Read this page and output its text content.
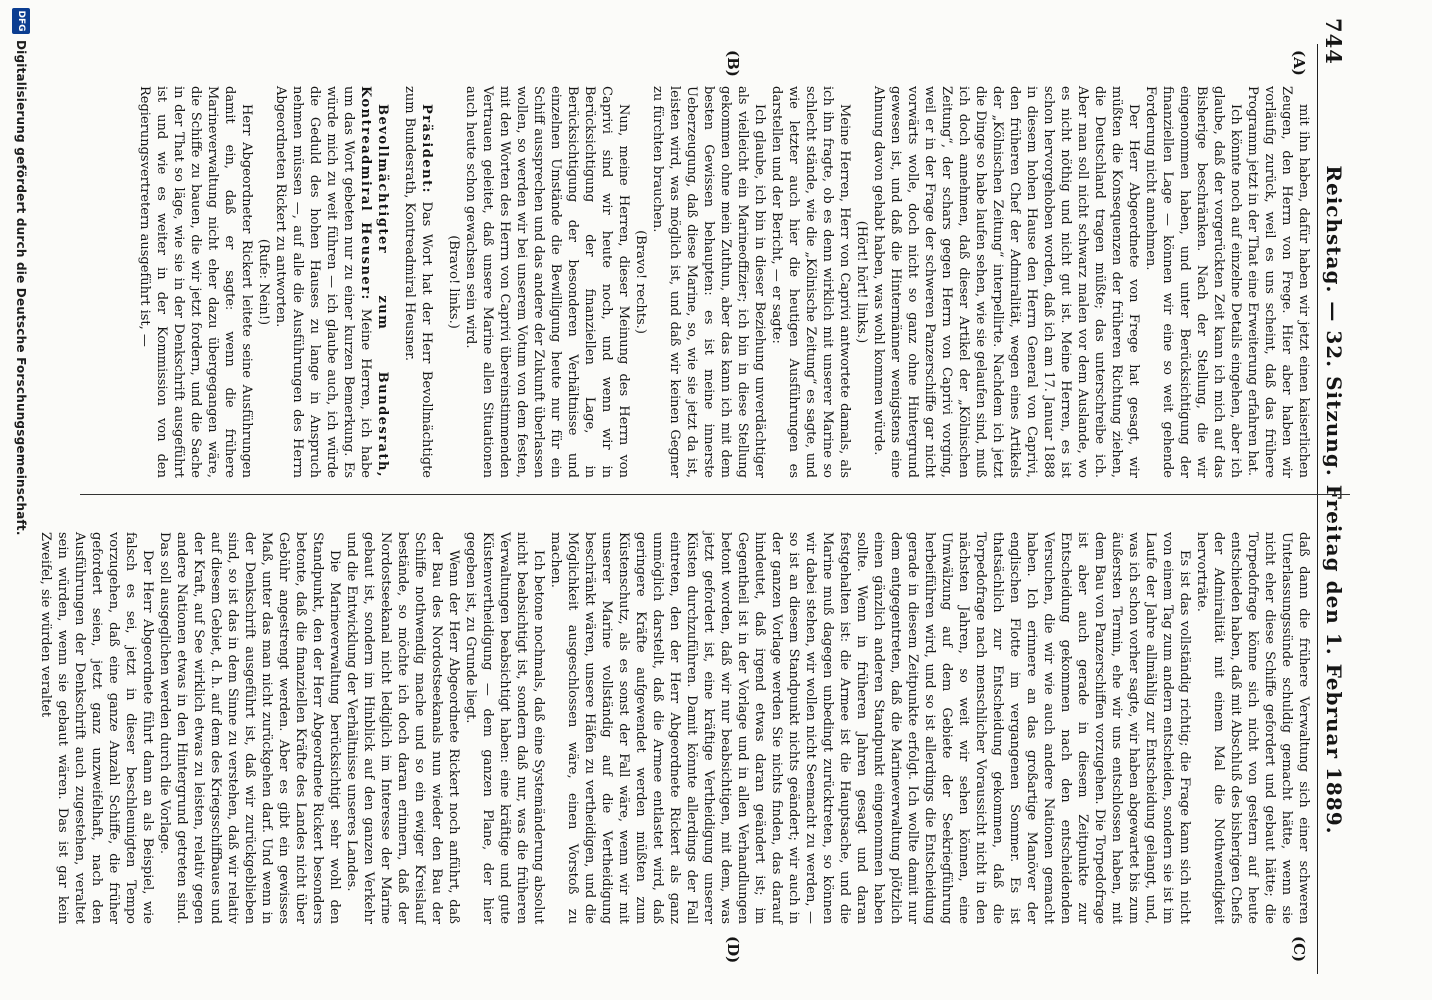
744
Reichstag. — 32. Sitzung. Freitag den 1. Februar 1889.
(A)
(B)
(C)
(D)

mit ihn haben, dafür haben wir jetzt einen kaiserlichen Zeugen, den Herrn von Frege. Hier aber haben wir vorläufig zurück, weil es uns scheint, daß das frühere Programm jetzt in der That eine Erweiterung erfahren hat.

Ich könnte noch auf einzelne Details eingehen, aber ich glaube, daß der vorgerückten Zeit kann ich mich auf das Bisherige beschränken. Nach der Stellung, die wir eingenommen haben, und unter Berücksichtigung der finanziellen Lage — können wir eine so weit gehende Forderung nicht annehmen.

Der Herr Abgeordnete von Frege hat gesagt, wir müßten die Konsequenzen der früheren Richtung ziehen, die Deutschland tragen müßte; das unterschreibe ich. Aber man soll nicht schwarz malen vor dem Auslande, wo es nicht nöthig und nicht gut ist. Meine Herren, es ist schon hervorgehoben worden, daß ich am 17. Januar 1888 in diesem hohen Hause den Herrn General von Caprivi, den früheren Chef der Admiralität, wegen eines Artikels der „Kölnischen Zeitung“ interpellirte. Nachdem ich jetzt die Dinge so habe laufen sehen, wie sie gelaufen sind, muß ich doch annehmen, daß dieser Artikel der „Kölnischen Zeitung“, der schars gegen Herrn von Caprivi vorging, weil er in der Frage der schweren Panzerschiffe gar nicht vorwärts wolle, doch nicht so ganz ohne Hintergrund gewesen ist, und daß die Hintermänner wenigstens eine Ahnung davon gehabt haben, was wohl kommen würde.

(Hört! hört! links.)

Meine Herren, Herr von Caprivi antwortete damals, als ich ihn fragte, ob es denn wirklich mit unserer Marine so schlecht stände, wie die „Kölnische Zeitung“ es sagte, und wie letzter auch hier die heutigen Ausführungen es darstellen und der Bericht, — er sagte:

Ich glaube, ich bin in dieser Beziehung unverdächtiger als vielleicht ein Marineoffizier; ich bin in diese Stellung gekommen ohne mein Zuthun, aber das kann ich mit dem besten Gewissen behaupten: es ist meine innerste Ueberzeugung, daß diese Marine, so, wie sie jetzt da ist, leisten wird, was möglich ist, und daß wir keinen Gegner zu fürchten brauchen.

(Bravo! rechts.)

Nun, meine Herren, dieser Meinung des Herrn von Caprivi sind wir heute noch, und wenn wir in Berücksichtigung der finanziellen Lage, in Berücksichtigung der besonderen Verhältnisse und einzelnen Umstände die Bewilligung heute nur für ein Schiff aussprechen und das andere der Zukunft überlassen wollen, so werden wir bei unserem Votum von dem festen, mit den Worten des Herrn von Caprivi übereinstimmenden Vertrauen geleitet, daß unsere Marine allen Situationen auch heute schon gewachsen sein wird.

(Bravo! links.)

Präsident: Das Wort hat der Herr Bevollmächtigte zum Bundesrath, Kontreadmiral Heusner.

Bevollmächtigter zum Bundesrath, Kontreadmiral Heusner: Meine Herren, ich habe um das Wort gebeten nur zu einer kurzen Bemerkung. Es würde mich zu weit führen — ich glaube auch, ich würde die Geduld des hohen Hauses zu lange in Anspruch nehmen müssen —, auf alle die Ausführungen des Herrn Abgeordneten Rickert zu antworten.

(Rufe: Nein!)

Herr Abgeordneter Rickert leitete seine Ausführungen damit ein, daß er sagte: wenn die frühere Marineverwaltung nicht eher dazu übergegangen wäre, die Schiffe zu bauen, die wir jetzt fordern, und die Sache in der That so läge, wie sie in der Denkschrift ausgeführt ist und wie es weiter in der Kommission von den Regierungsvertretern ausgeführt ist, —

daß dann die frühere Verwaltung sich einer schweren Unterlassungssünde schuldig gemacht hätte, wenn sie nicht eher diese Schiffe gefordert und gebaut hätte; die Torpedofrage könne sich nicht von gestern auf heute entschieden haben, daß mit Abschluß des bisherigen Chefs der Admiralität mit einem Mal die Nothwendigkeit hervorträte.

Es ist das vollständig richtig; die Frage kann sich nicht von einem Tag zum andern entscheiden, sondern sie ist im Laufe der Jahre allmählig zur Entscheidung gelangt, und, was ich schon vorher sagte, wir haben abgewartet bis zum äußersten Termin, ehe wir uns entschlossen haben, mit dem Bau von Panzerschiffen vorzugehen. Die Torpedofrage ist aber auch gerade in diesem Zeitpunkte zur Entscheidung gekommen nach den entscheidenden Versuchen, die wir wie auch andere Nationen gemacht haben. Ich erinnere an das großartige Manöver der englischen Flotte im vergangenen Sommer. Es ist thatsächlich zur Entscheidung gekommen, daß die Torpedofrage nach menschlicher Voraussicht nicht in den nächsten Jahren, so weit wir sehen können, eine Umwälzung auf dem Gebiete der Seekriegführung herbeiführen wird, und so ist allerdings die Entscheidung gerade in diesem Zeitpunkte erfolgt. Ich wollte damit nur dem entgegentreten, daß die Marineverwaltung plötzlich einen gänzlich anderen Standpunkt eingenommen haben sollte. Wenn in früheren Jahren gesagt und daran festgehalten ist: die Armee ist die Hauptsache, und die Marine muß dagegen unbedingt zurücktreten, so können wir dabei stehen, wir wollen nicht Seemacht zu werden, — so ist an diesem Standpunkt nichts geändert; wir auch in der ganzen Vorlage werden Sie nichts finden, das darauf hindeutet, daß irgend etwas daran geändert ist; im Gegentheil ist in der Vorlage und in allen Verhandlungen betont worden, daß wir nur beabsichtigen, mit dem, was jetzt gefordert ist, eine kräftige Vertheidigung unserer Küsten durchzuführen. Damit könnte allerdings der Fall eintreten, den der Herr Abgeordnete Rickert als ganz unmöglich darstellt, daß die Armee entlastet wird, daß geringere Kräfte aufgewendet werden müßten zum Küstenschutz, als es sonst der Fall wäre, wenn wir mit unserer Marine vollständig auf die Vertheidigung beschränkt wären, unsere Häfen zu vertheidigen, und die Möglichkeit ausgeschlossen wäre, einen Vorstoß zu machen.

Ich betone nochmals, daß eine Systemänderung absolut nicht beabsichtigt ist, sondern daß nur, was die früheren Verwaltungen beabsichtigt haben: eine kräftige und gute Küstenvertheidigung — dem ganzen Plane, der hier gegeben ist, zu Grunde liegt.

Wenn der Herr Abgeordnete Rickert noch anführt, daß der Bau des Nordostseekanals nun wieder den Bau der Schiffe nothwendig mache und so ein ewiger Kreislauf bestände, so möchte ich doch daran erinnern, daß der Nordostseekanal nicht lediglich im Interesse der Marine gebaut ist, sondern im Hinblick auf den ganzen Verkehr und die Entwicklung der Verhältnisse unseres Landes.

Die Marineverwaltung berücksichtigt sehr wohl den Standpunkt, den der Herr Abgeordnete Rickert besonders betonte, daß die finanziellen Kräfte des Landes nicht über Gebühr angestrengt werden. Aber es gibt ein gewisses Maß, unter das man nicht zurückgehen darf. Und wenn in der Denkschrift ausgeführt ist, daß wir zurückgeblieben sind, so ist das in dem Sinne zu verstehen, daß wir relativ auf diesem Gebiet, d. h. auf dem des Kriegsschiffbaues und der Kraft, auf See wirklich etwas zu leisten, relativ gegen andere Nationen etwas in den Hintergrund getreten sind. Das soll ausgeglichen werden durch die Vorlage.

Der Herr Abgeordnete führt dann an als Beispiel, wie falsch es sei, jetzt in dieser beschleunigten Tempo vorzugehen, daß eine ganze Anzahl Schiffe, die früher gefordert seien, jetzt ganz unzweifelhaft, nach den Ausführungen der Denkschrift auch zugestehen, veraltet sein würden, wenn sie gebaut wären. Das ist gar kein Zweifel, sie würden veraltet

DFG
Digitalisierung gefördert durch die Deutsche Forschungsgemeinschaft.
